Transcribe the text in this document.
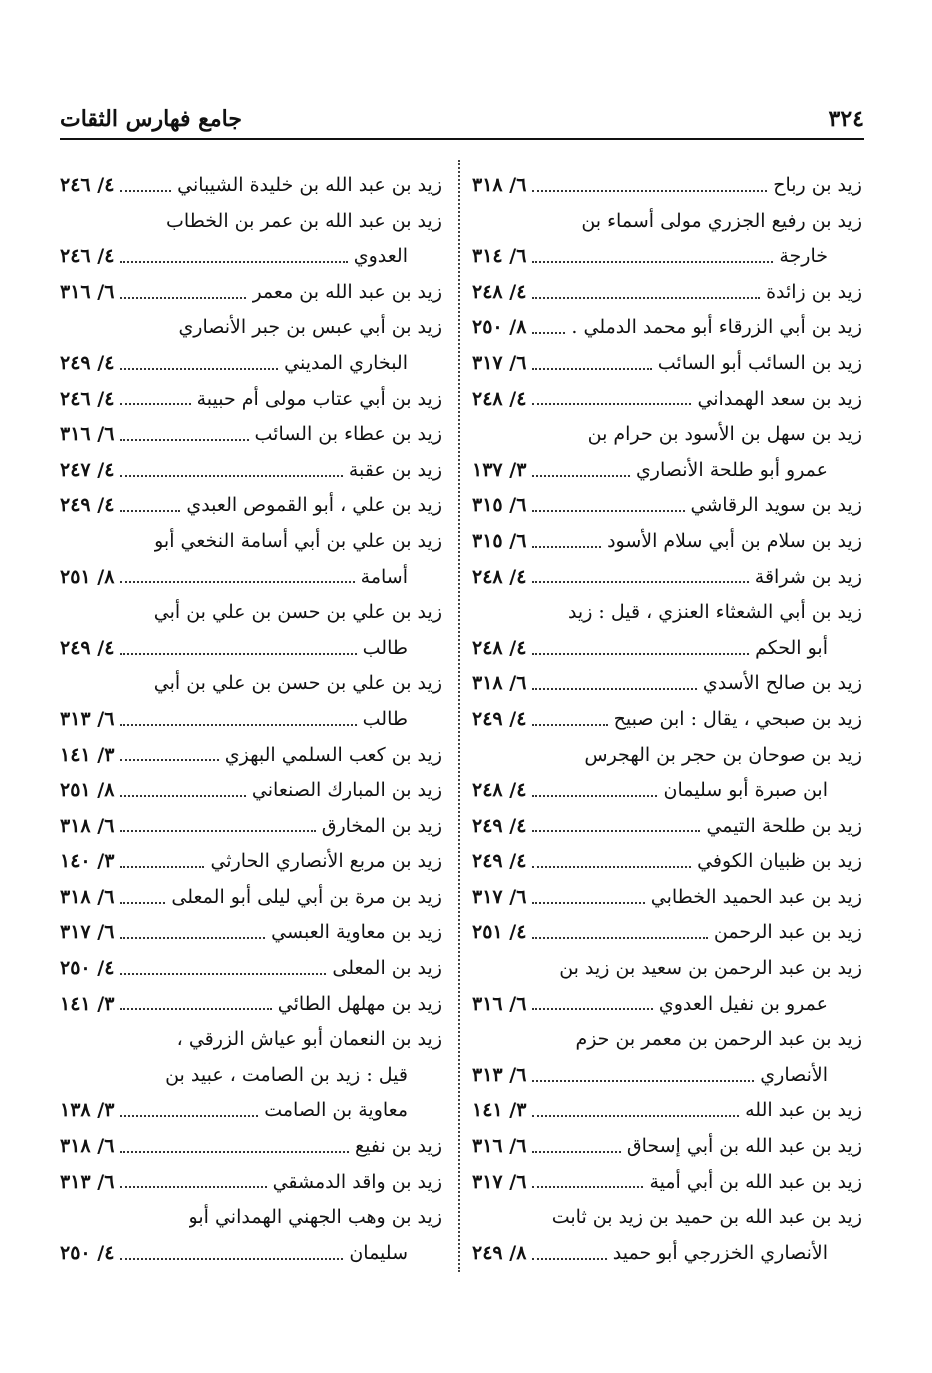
٣٢٤
جامع فهارس الثقات
زيد بن رباح
٦/ ٣١٨
زيد بن رفيع الجزري مولى أسماء بن
خارجة
٦/ ٣١٤
زيد بن زائدة
٤/ ٢٤٨
زيد بن أبي الزرقاء أبو محمد الدملي .
٨/ ٢٥٠
زيد بن السائب أبو السائب
٦/ ٣١٧
زيد بن سعد الهمداني
٤/ ٢٤٨
زيد بن سهل بن الأسود بن حرام بن
عمرو أبو طلحة الأنصاري
٣/ ١٣٧
زيد بن سويد الرقاشي
٦/ ٣١٥
زيد بن سلام بن أبي سلام الأسود
٦/ ٣١٥
زيد بن شراقة
٤/ ٢٤٨
زيد بن أبي الشعثاء العنزي ، قيل : زيد
أبو الحكم
٤/ ٢٤٨
زيد بن صالح الأسدي
٦/ ٣١٨
زيد بن صبحي ، يقال : ابن صبيح
٤/ ٢٤٩
زيد بن صوحان بن حجر بن الهجرس
ابن صبرة أبو سليمان
٤/ ٢٤٨
زيد بن طلحة التيمي
٤/ ٢٤٩
زيد بن ظبيان الكوفي
٤/ ٢٤٩
زيد بن عبد الحميد الخطابي
٦/ ٣١٧
زيد بن عبد الرحمن
٤/ ٢٥١
زيد بن عبد الرحمن بن سعيد بن زيد بن
عمرو بن نفيل العدوي
٦/ ٣١٦
زيد بن عبد الرحمن بن معمر بن حزم
الأنصاري
٦/ ٣١٣
زيد بن عبد الله
٣/ ١٤١
زيد بن عبد الله بن أبي إسحاق
٦/ ٣١٦
زيد بن عبد الله بن أبي أمية
٦/ ٣١٧
زيد بن عبد الله بن حميد بن زيد بن ثابت
الأنصاري الخزرجي أبو حميد
٨/ ٢٤٩
زيد بن عبد الله بن خليدة الشيباني
٤/ ٢٤٦
زيد بن عبد الله بن عمر بن الخطاب
العدوي
٤/ ٢٤٦
زيد بن عبد الله بن معمر
٦/ ٣١٦
زيد بن أبي عبس بن جبر الأنصاري
البخاري المديني
٤/ ٢٤٩
زيد بن أبي عتاب مولى أم حبيبة
٤/ ٢٤٦
زيد بن عطاء بن السائب
٦/ ٣١٦
زيد بن عقبة
٤/ ٢٤٧
زيد بن علي ، أبو القموص العبدي
٤/ ٢٤٩
زيد بن علي بن أبي أسامة النخعي أبو
أسامة
٨/ ٢٥١
زيد بن علي بن حسن بن علي بن أبي
طالب
٤/ ٢٤٩
زيد بن علي بن حسن بن علي بن أبي
طالب
٦/ ٣١٣
زيد بن كعب السلمي البهزي
٣/ ١٤١
زيد بن المبارك الصنعاني
٨/ ٢٥١
زيد بن المخارق
٦/ ٣١٨
زيد بن مربع الأنصاري الحارثي
٣/ ١٤٠
زيد بن مرة بن أبي ليلى أبو المعلى
٦/ ٣١٨
زيد بن معاوية العبسي
٦/ ٣١٧
زيد بن المعلى
٤/ ٢٥٠
زيد بن مهلهل الطائي
٣/ ١٤١
زيد بن النعمان أبو عياش الزرقي ،
قيل : زيد بن الصامت ، عبيد بن
معاوية بن الصامت
٣/ ١٣٨
زيد بن نفيع
٦/ ٣١٨
زيد بن واقد الدمشقي
٦/ ٣١٣
زيد بن وهب الجهني الهمداني أبو
سليمان
٤/ ٢٥٠
